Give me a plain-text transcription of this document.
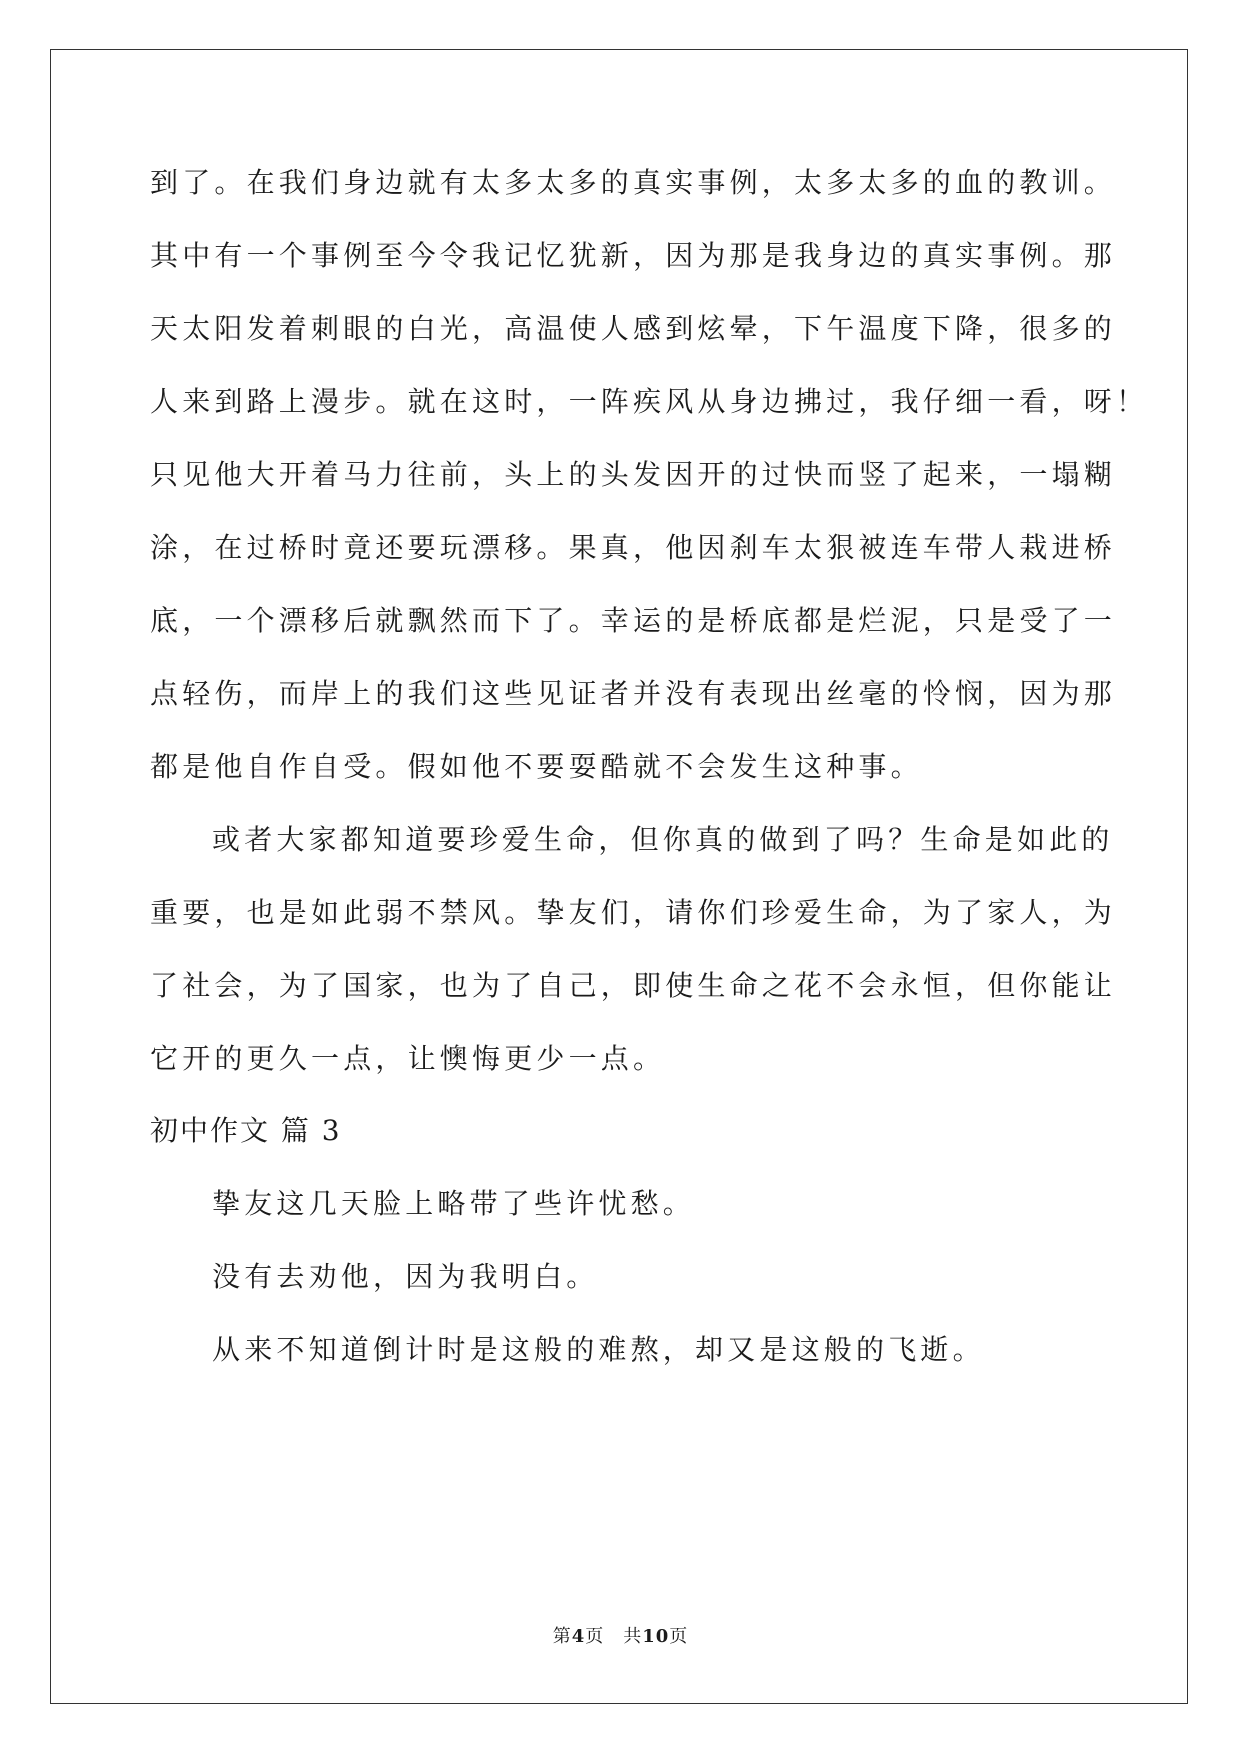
到了。在我们身边就有太多太多的真实事例，太多太多的血的教训。
其中有一个事例至今令我记忆犹新，因为那是我身边的真实事例。那
天太阳发着刺眼的白光，高温使人感到炫晕，下午温度下降，很多的
人来到路上漫步。就在这时，一阵疾风从身边拂过，我仔细一看，呀！
只见他大开着马力往前，头上的头发因开的过快而竖了起来，一塌糊
涂，在过桥时竟还要玩漂移。果真，他因刹车太狠被连车带人栽进桥
底，一个漂移后就飘然而下了。幸运的是桥底都是烂泥，只是受了一
点轻伤，而岸上的我们这些见证者并没有表现出丝毫的怜悯，因为那
都是他自作自受。假如他不要耍酷就不会发生这种事。
或者大家都知道要珍爱生命，但你真的做到了吗？生命是如此的
重要，也是如此弱不禁风。挚友们，请你们珍爱生命，为了家人，为
了社会，为了国家，也为了自己，即使生命之花不会永恒，但你能让
它开的更久一点，让懊悔更少一点。
初中作文 篇 3
挚友这几天脸上略带了些许忧愁。
没有去劝他，因为我明白。
从来不知道倒计时是这般的难熬，却又是这般的飞逝。
第4页　共10页
